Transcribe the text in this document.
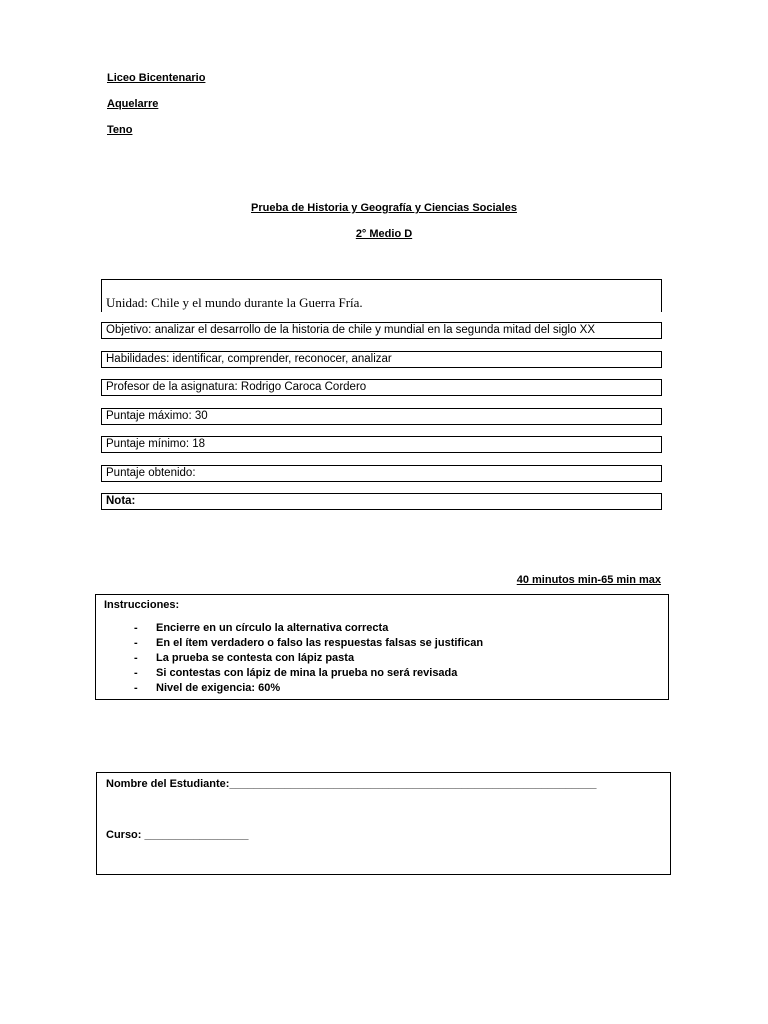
Liceo Bicentenario
Aquelarre
Teno
Prueba de Historia y Geografía y Ciencias Sociales
2° Medio D
Unidad: Chile y el mundo durante la Guerra Fría.
Objetivo: analizar el desarrollo de la historia de chile y mundial en la segunda mitad del siglo XX
Habilidades: identificar, comprender, reconocer, analizar
Profesor de la asignatura: Rodrigo Caroca Cordero
Puntaje máximo: 30
Puntaje mínimo: 18
Puntaje obtenido:
Nota:
40 minutos min-65 min max
Instrucciones:
-	Encierre en un círculo la alternativa correcta
-	En el ítem verdadero o falso las respuestas falsas se justifican
-	La prueba se contesta con lápiz pasta
-	Si contestas con lápiz de mina la prueba no será revisada
-	Nivel de exigencia: 60%
Nombre del Estudiante:____________________________________________________________
Curso: _________________
